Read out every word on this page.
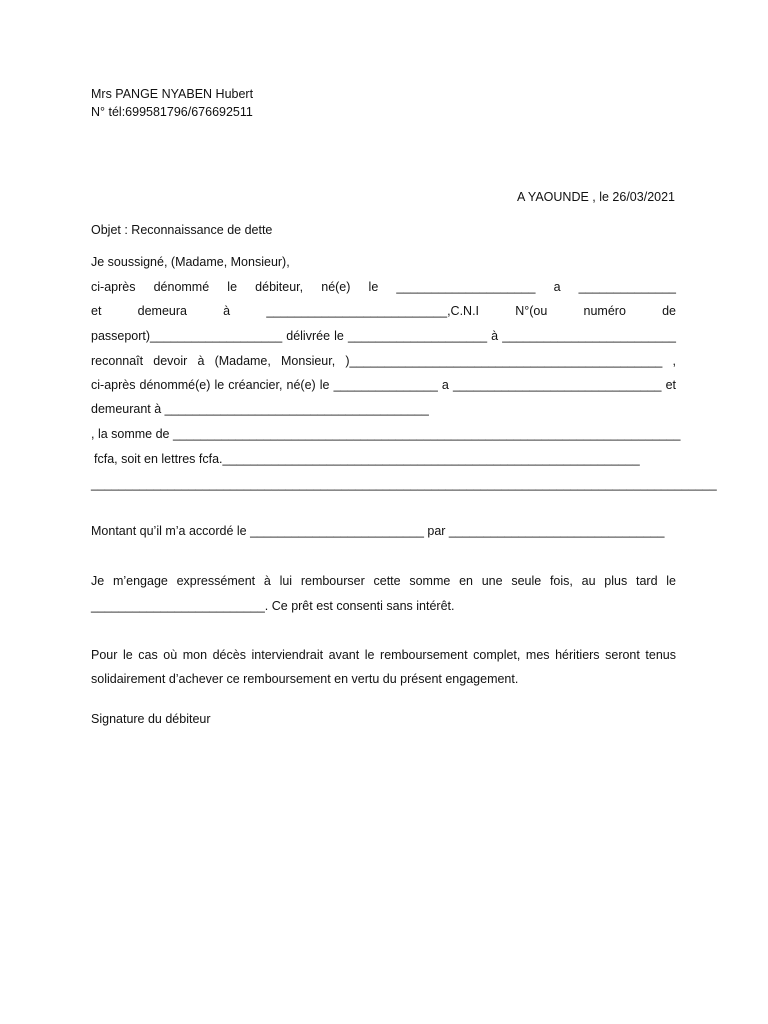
Mrs PANGE NYABEN Hubert
N° tél:699581796/676692511
A YAOUNDE , le 26/03/2021
Objet : Reconnaissance de dette
Je soussigné, (Madame, Monsieur),
ci-après dénommé le débiteur, né(e) le ____________________ a ______________
et demeura à __________________________,C.N.I N°(ou numéro de
passeport)___________________ délivrée le ____________________ à _________________________
reconnaît devoir à (Madame, Monsieur, )_____________________________________________ ,
ci-après dénommé(e) le créancier, né(e) le _______________ a ______________________________ et
demeurant à ______________________________________
, la somme de _________________________________________________________________________
fcfa, soit en lettres fcfa.____________________________________________________________
__________________________________________________________________________________________
Montant qu’il m’a accordé le _________________________ par _______________________________
Je m’engage expressément à lui rembourser cette somme en une seule fois, au plus tard le
_________________________. Ce prêt est consenti sans intérêt.
Pour le cas où mon décès interviendrait avant le remboursement complet, mes héritiers seront tenus
solidairement d’achever ce remboursement en vertu du présent engagement.
Signature du débiteur
